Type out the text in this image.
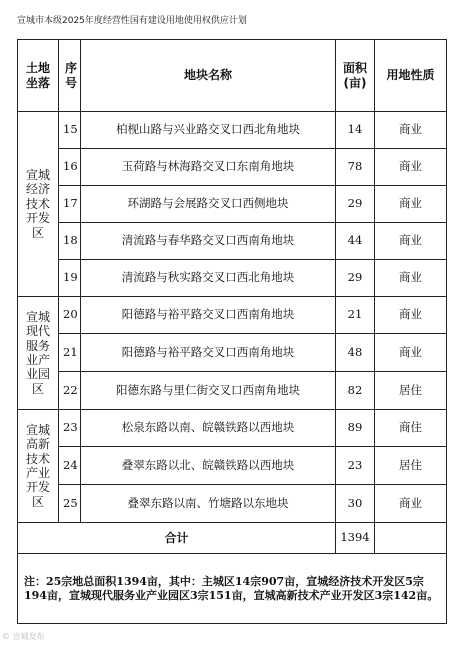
宣城市本级2025年度经营性国有建设用地使用权供应计划
土地坐落	序号	地块名称	面积(亩)	用地性质
宣城经济技术开发区	15	柏枧山路与兴业路交叉口西北角地块	14	商业
	16	玉荷路与林海路交叉口东南角地块	78	商业
	17	环湖路与会展路交叉口西侧地块	29	商业
	18	清流路与春华路交叉口西南角地块	44	商业
	19	清流路与秋实路交叉口西北角地块	29	商业
宣城现代服务业产业园区	20	阳德路与裕平路交叉口西南角地块	21	商业
	21	阳德路与裕平路交叉口西南角地块	48	商业
	22	阳德东路与里仁街交叉口西南角地块	82	居住
宣城高新技术产业开发区	23	松泉东路以南、皖赣铁路以西地块	89	商住
	24	叠翠东路以北、皖赣铁路以西地块	23	居住
	25	叠翠东路以南、竹塘路以东地块	30	商业
合计			1394	
注：25宗地总面积1394亩，其中：主城区14宗907亩，宣城经济技术开发区5宗194亩，宣城现代服务业产业园区3宗151亩，宣城高新技术产业开发区3宗142亩。				
© 宣城发布
